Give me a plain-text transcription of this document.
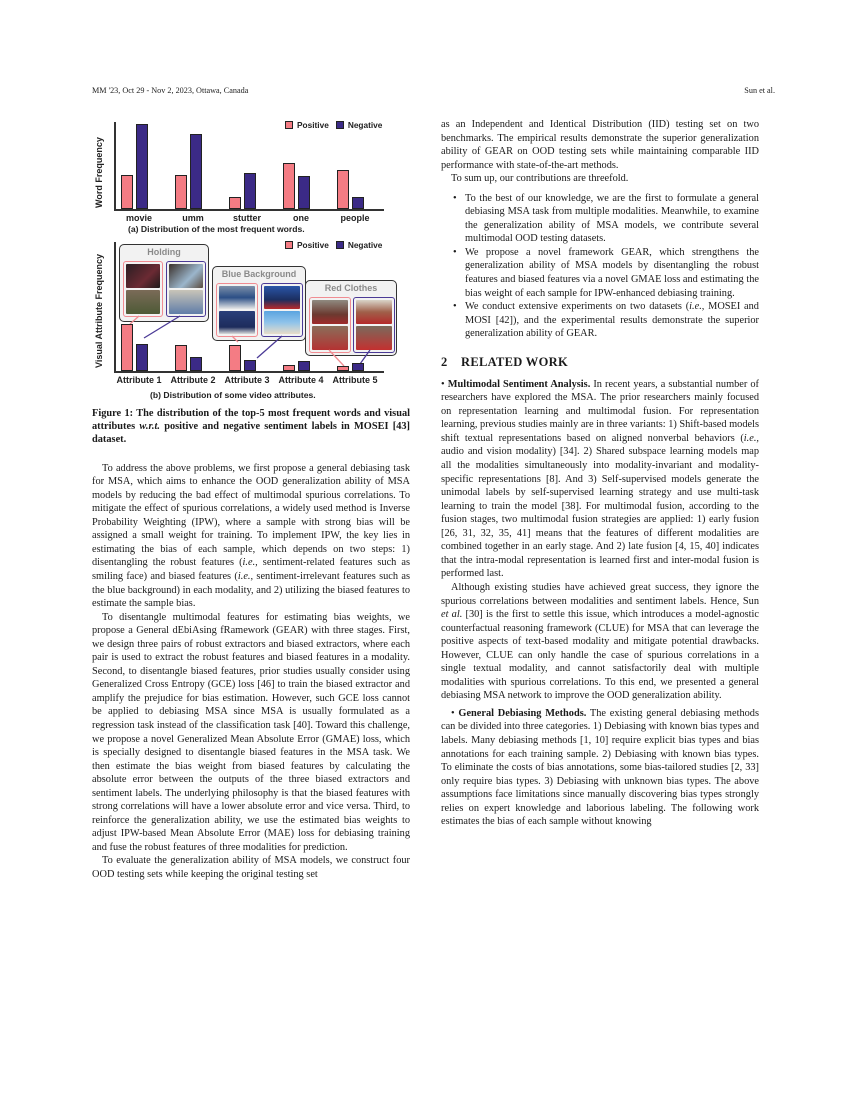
MM '23, Oct 29 - Nov 2, 2023, Ottawa, Canada	Sun et al.
Word Frequency
Positive Negative
movie	umm	stutter	one	people
(a) Distribution of the most frequent words.
Visual Attribute Frequency
Holding
Blue Background
Red Clothes
Positive Negative
Attribute 1	Attribute 2	Attribute 3	Attribute 4	Attribute 5
(b) Distribution of some video attributes.
Figure 1: The distribution of the top-5 most frequent words and visual attributes w.r.t. positive and negative sentiment labels in MOSEI [43] dataset.

To address the above problems, we first propose a general debiasing task for MSA, which aims to enhance the OOD generalization ability of MSA models by reducing the bad effect of multimodal spurious correlations. To mitigate the effect of spurious correlations, a widely used method is Inverse Probability Weighting (IPW), where a sample with strong bias will be assigned a small weight for training. To implement IPW, the key lies in estimating the bias of each sample, which depends on two steps: 1) disentangling the robust features (i.e., sentiment-related features such as smiling face) and biased features (i.e., sentiment-irrelevant features such as the blue background) in each modality, and 2) utilizing the biased features to estimate the sample bias.

To disentangle multimodal features for estimating bias weights, we propose a General dEbiAsing fRamework (GEAR) with three stages. First, we design three pairs of robust extractors and biased extractors, where each pair is used to extract the robust features and biased features in a modality. Second, to disentangle biased features, prior studies usually consider using Generalized Cross Entropy (GCE) loss [46] to train the biased extractor and amplify the prejudice for bias estimation. However, such GCE loss cannot be applied to debiasing MSA since MSA is usually formulated as a regression task instead of the classification task [40]. Toward this challenge, we propose a novel Generalized Mean Absolute Error (GMAE) loss, which is specially designed to disentangle biased features in the MSA task. We then estimate the bias weight from biased features by calculating the absolute error between the outputs of the three biased extractors and sentiment labels. The underlying philosophy is that the biased features with strong correlations will have a lower absolute error and vice versa. Third, to reinforce the generalization ability, we use the estimated bias weights to adjust IPW-based Mean Absolute Error (MAE) loss for debiasing training and fuse the robust features of three modalities for prediction.

To evaluate the generalization ability of MSA models, we construct four OOD testing sets while keeping the original testing set

as an Independent and Identical Distribution (IID) testing set on two benchmarks. The empirical results demonstrate the superior generalization ability of GEAR on OOD testing sets while maintaining comparable IID performance with state-of-the-art methods.

To sum up, our contributions are threefold.

• To the best of our knowledge, we are the first to formulate a general debiasing MSA task from multiple modalities. Meanwhile, to examine the generalization ability of MSA models, we contribute several multimodal OOD testing datasets.
• We propose a novel framework GEAR, which strengthens the generalization ability of MSA models by disentangling the robust features and biased features via a novel GMAE loss and estimating the bias weight of each sample for IPW-enhanced debiasing training.
• We conduct extensive experiments on two datasets (i.e., MOSEI and MOSI [42]), and the experimental results demonstrate the superior generalization ability of GEAR.
2 RELATED WORK

• Multimodal Sentiment Analysis. In recent years, a substantial number of researchers have explored the MSA. The prior researchers mainly focused on representation learning and multimodal fusion. For representation learning, previous studies mainly are in three variants: 1) Shift-based models shift textual representations based on aligned nonverbal behaviors (i.e., audio and vision modality) [34]. 2) Shared subspace learning models map all the modalities simultaneously into modality-invariant and modality-specific representations [8]. And 3) Self-supervised models generate the unimodal labels by self-supervised learning strategy and use multi-task learning to train the model [38]. For multimodal fusion, according to the fusion stages, two multimodal fusion strategies are applied: 1) early fusion [26, 31, 32, 35, 41] means that the features of different modalities are combined together in an early stage. And 2) late fusion [4, 15, 40] indicates that the intra-modal representation is learned first and inter-modal fusion is performed last.

Although existing studies have achieved great success, they ignore the spurious correlations between modalities and sentiment labels. Hence, Sun et al. [30] is the first to settle this issue, which introduces a model-agnostic counterfactual reasoning framework (CLUE) for MSA that can leverage the positive aspects of text-based modality and mitigate potential drawbacks. However, CLUE can only handle the case of spurious correlations in a single textual modality, and cannot satisfactorily deal with multiple modalities with spurious correlations. To this end, we presented a general debiasing MSA network to improve the OOD generalization ability.

• General Debiasing Methods. The existing general debiasing methods can be divided into three categories. 1) Debiasing with known bias types and labels. Many debiasing methods [1, 10] require explicit bias types and bias annotations for each training sample. 2) Debiasing with known bias types. To eliminate the costs of bias annotations, some bias-tailored studies [2, 33] only require bias types. 3) Debiasing with unknown bias types. The above assumptions face limitations since manually discovering bias types strongly relies on expert knowledge and laborious labeling. The following work estimates the bias of each sample without knowing
